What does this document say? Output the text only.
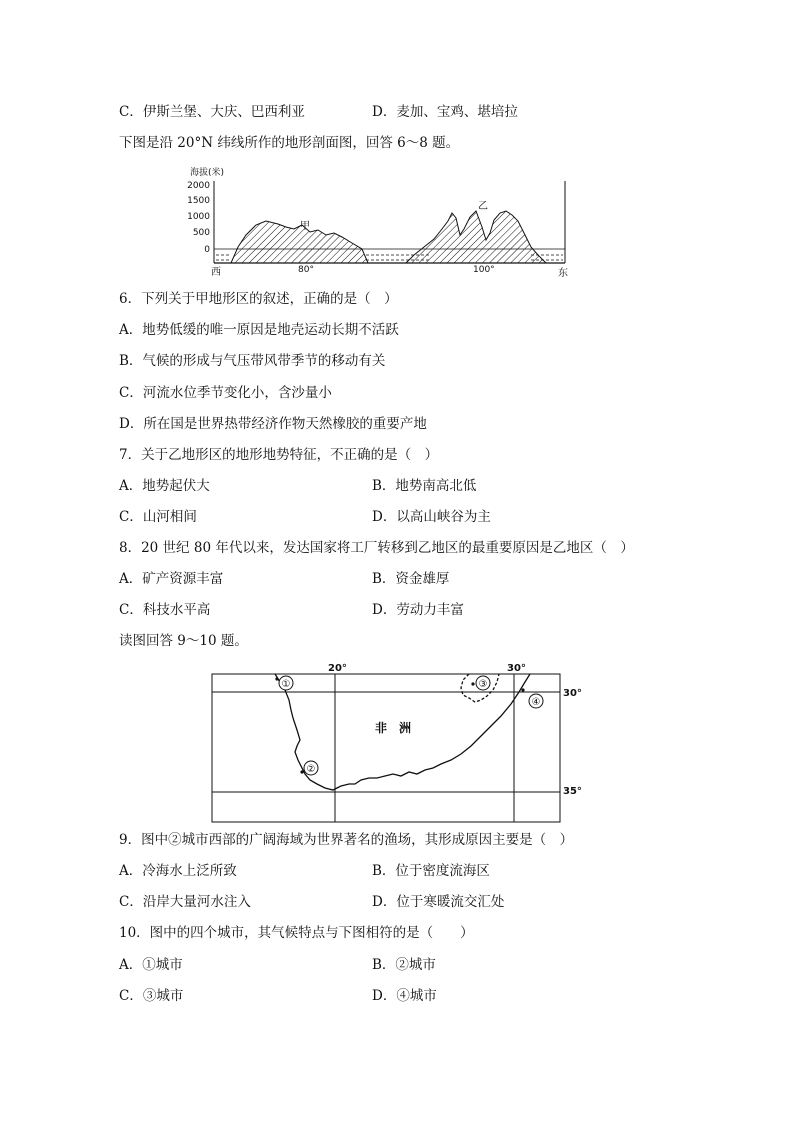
C．伊斯兰堡、大庆、巴西利亚	D．麦加、宝鸡、堪培拉
下图是沿 20°N 纬线所作的地形剖面图，回答 6～8 题。
海拔(米)
2000
1500
1000
500
0
甲
乙
西	80°	100°	东
6．下列关于甲地形区的叙述，正确的是（　）
A．地势低缓的唯一原因是地壳运动长期不活跃
B．气候的形成与气压带风带季节的移动有关
C．河流水位季节变化小，含沙量小
D．所在国是世界热带经济作物天然橡胶的重要产地
7．关于乙地形区的地形地势特征，不正确的是（　）
A．地势起伏大	B．地势南高北低
C．山河相间	D．以高山峡谷为主
8．20 世纪 80 年代以来，发达国家将工厂转移到乙地区的最重要原因是乙地区（　）
A．矿产资源丰富	B．资金雄厚
C．科技水平高	D．劳动力丰富
读图回答 9～10 题。
20°	30°
30°
35°
①
②
③
④
非　洲
9．图中②城市西部的广阔海域为世界著名的渔场，其形成原因主要是（　）
A．冷海水上泛所致	B．位于密度流海区
C．沿岸大量河水注入	D．位于寒暖流交汇处
10．图中的四个城市，其气候特点与下图相符的是（　　）
A．①城市	B．②城市
C．③城市	D．④城市
